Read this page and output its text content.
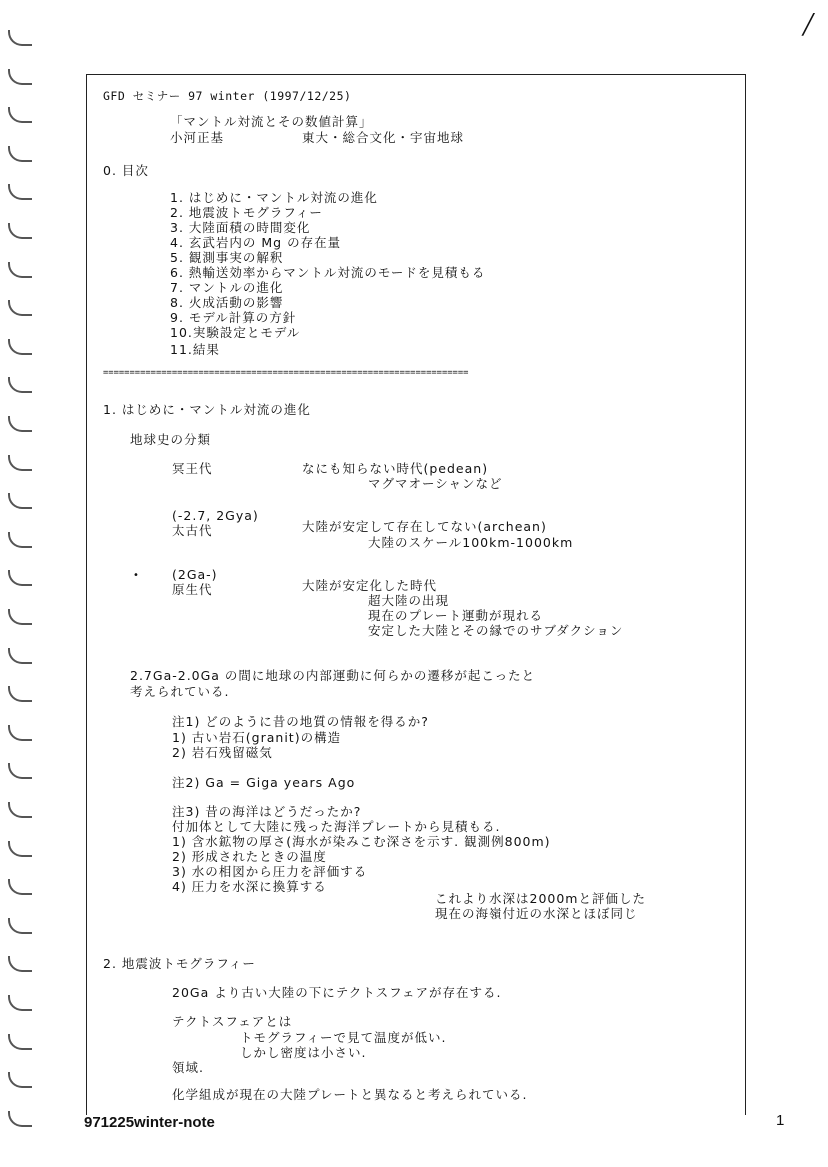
/
GFD セミナー 97 winter (1997/12/25)
「マントル対流とその数値計算」
小河正基	東大・総合文化・宇宙地球
0. 目次
1. はじめに・マントル対流の進化
2. 地震波トモグラフィー
3. 大陸面積の時間変化
4. 玄武岩内の Mg の存在量
5. 観測事実の解釈
6. 熱輸送効率からマントル対流のモードを見積もる
7. マントルの進化
8. 火成活動の影響
9. モデル計算の方針
10.実験設定とモデル
11.結果
=====================================================================
1. はじめに・マントル対流の進化
地球史の分類
冥王代	なにも知らない時代(pedean)
マグマオーシャンなど
(-2.7, 2Gya)
太古代	大陸が安定して存在してない(archean)
大陸のスケール100km-1000km
•	(2Ga-)
原生代	大陸が安定化した時代
超大陸の出現
現在のプレート運動が現れる
安定した大陸とその縁でのサブダクション
2.7Ga-2.0Ga の間に地球の内部運動に何らかの遷移が起こったと
考えられている.
注1) どのように昔の地質の情報を得るか?
1) 古い岩石(granit)の構造
2) 岩石残留磁気
注2) Ga = Giga years Ago
注3) 昔の海洋はどうだったか?
付加体として大陸に残った海洋プレートから見積もる.
1) 含水鉱物の厚さ(海水が染みこむ深さを示す. 観測例800m)
2) 形成されたときの温度
3) 水の相図から圧力を評価する
4) 圧力を水深に換算する
これより水深は2000mと評価した
現在の海嶺付近の水深とほぼ同じ
2. 地震波トモグラフィー
20Ga より古い大陸の下にテクトスフェアが存在する.
テクトスフェアとは
トモグラフィーで見て温度が低い.
しかし密度は小さい.
領域.
化学組成が現在の大陸プレートと異なると考えられている.
971225winter-note	1
